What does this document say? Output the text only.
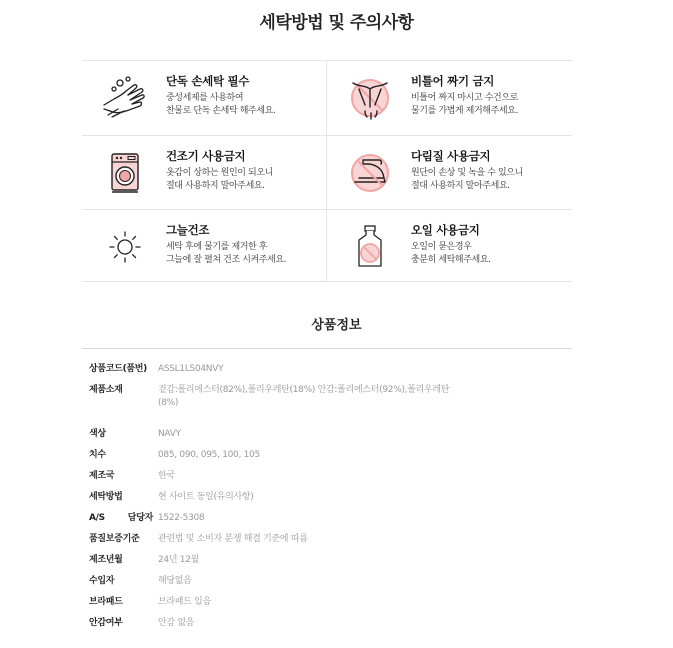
세탁방법 및 주의사항
단독 손세탁 필수
중성세제를 사용하여
찬물로 단독 손세탁 해주세요.
비틀어 짜기 금지
비틀어 짜지 마시고 수건으로
물기를 가볍게 제거해주세요.
건조기 사용금지
옷감이 상하는 원인이 되오니
절대 사용하지 말아주세요.
다림질 사용금지
원단이 손상 및 녹을 수 있으니
절대 사용하지 말아주세요.
그늘건조
세탁 후에 물기를 제거한 후
그늘에 잘 펼쳐 건조 시켜주세요.
오일 사용금지
오일이 묻은경우
충분히 세탁해주세요.
상품정보
상품코드(품번)	ASSL1LS04NVY
제품소재	겉감:폴리에스터(82%),폴리우레탄(18%) 안감:폴리에스터(92%),폴리우레탄
(8%)
색상	NAVY
치수	085, 090, 095, 100, 105
제조국	한국
세탁방법	현 사이트 동일(유의사항)
A/S 담당자 1522-5308
품질보증기준	관련법 및 소비자 분쟁 해결 기준에 따름
제조년월	24년 12월
수입자	해당없음
브라패드	브라패드 있음
안감여부	안감 없음
